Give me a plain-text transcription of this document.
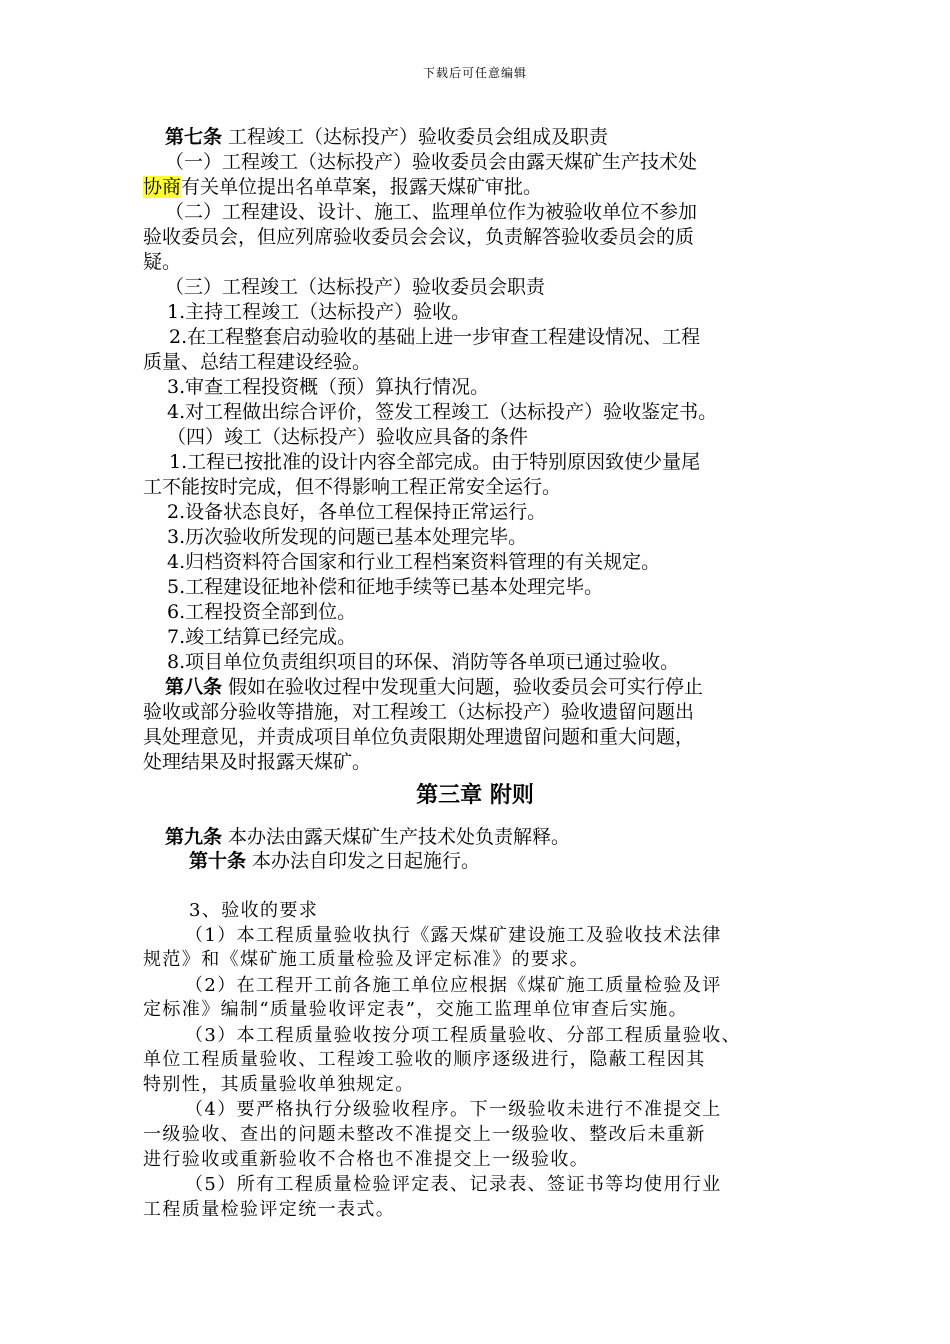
下载后可任意编辑
第七条 工程竣工（达标投产）验收委员会组成及职责
（一）工程竣工（达标投产）验收委员会由露天煤矿生产技术处
协商有关单位提出名单草案，报露天煤矿审批。
（二）工程建设、设计、施工、监理单位作为被验收单位不参加
验收委员会，但应列席验收委员会会议，负责解答验收委员会的质
疑。
（三）工程竣工（达标投产）验收委员会职责
1.主持工程竣工（达标投产）验收。
2.在工程整套启动验收的基础上进一步审查工程建设情况、工程
质量、总结工程建设经验。
3.审查工程投资概（预）算执行情况。
4.对工程做出综合评价，签发工程竣工（达标投产）验收鉴定书。
（四）竣工（达标投产）验收应具备的条件
1.工程已按批准的设计内容全部完成。由于特别原因致使少量尾
工不能按时完成，但不得影响工程正常安全运行。
2.设备状态良好，各单位工程保持正常运行。
3.历次验收所发现的问题已基本处理完毕。
4.归档资料符合国家和行业工程档案资料管理的有关规定。
5.工程建设征地补偿和征地手续等已基本处理完毕。
6.工程投资全部到位。
7.竣工结算已经完成。
8.项目单位负责组织项目的环保、消防等各单项已通过验收。
第八条 假如在验收过程中发现重大问题，验收委员会可实行停止
验收或部分验收等措施，对工程竣工（达标投产）验收遗留问题出
具处理意见，并责成项目单位负责限期处理遗留问题和重大问题，
处理结果及时报露天煤矿。
第三章 附则
第九条 本办法由露天煤矿生产技术处负责解释。
第十条 本办法自印发之日起施行。
3、验收的要求
（1）本工程质量验收执行《露天煤矿建设施工及验收技术法律
规范》和《煤矿施工质量检验及评定标准》的要求。
（2）在工程开工前各施工单位应根据《煤矿施工质量检验及评
定标准》编制“质量验收评定表”，交施工监理单位审查后实施。
（3）本工程质量验收按分项工程质量验收、分部工程质量验收、
单位工程质量验收、工程竣工验收的顺序逐级进行，隐蔽工程因其
特别性，其质量验收单独规定。
（4）要严格执行分级验收程序。下一级验收未进行不准提交上
一级验收、查出的问题未整改不准提交上一级验收、整改后未重新
进行验收或重新验收不合格也不准提交上一级验收。
（5）所有工程质量检验评定表、记录表、签证书等均使用行业
工程质量检验评定统一表式。
